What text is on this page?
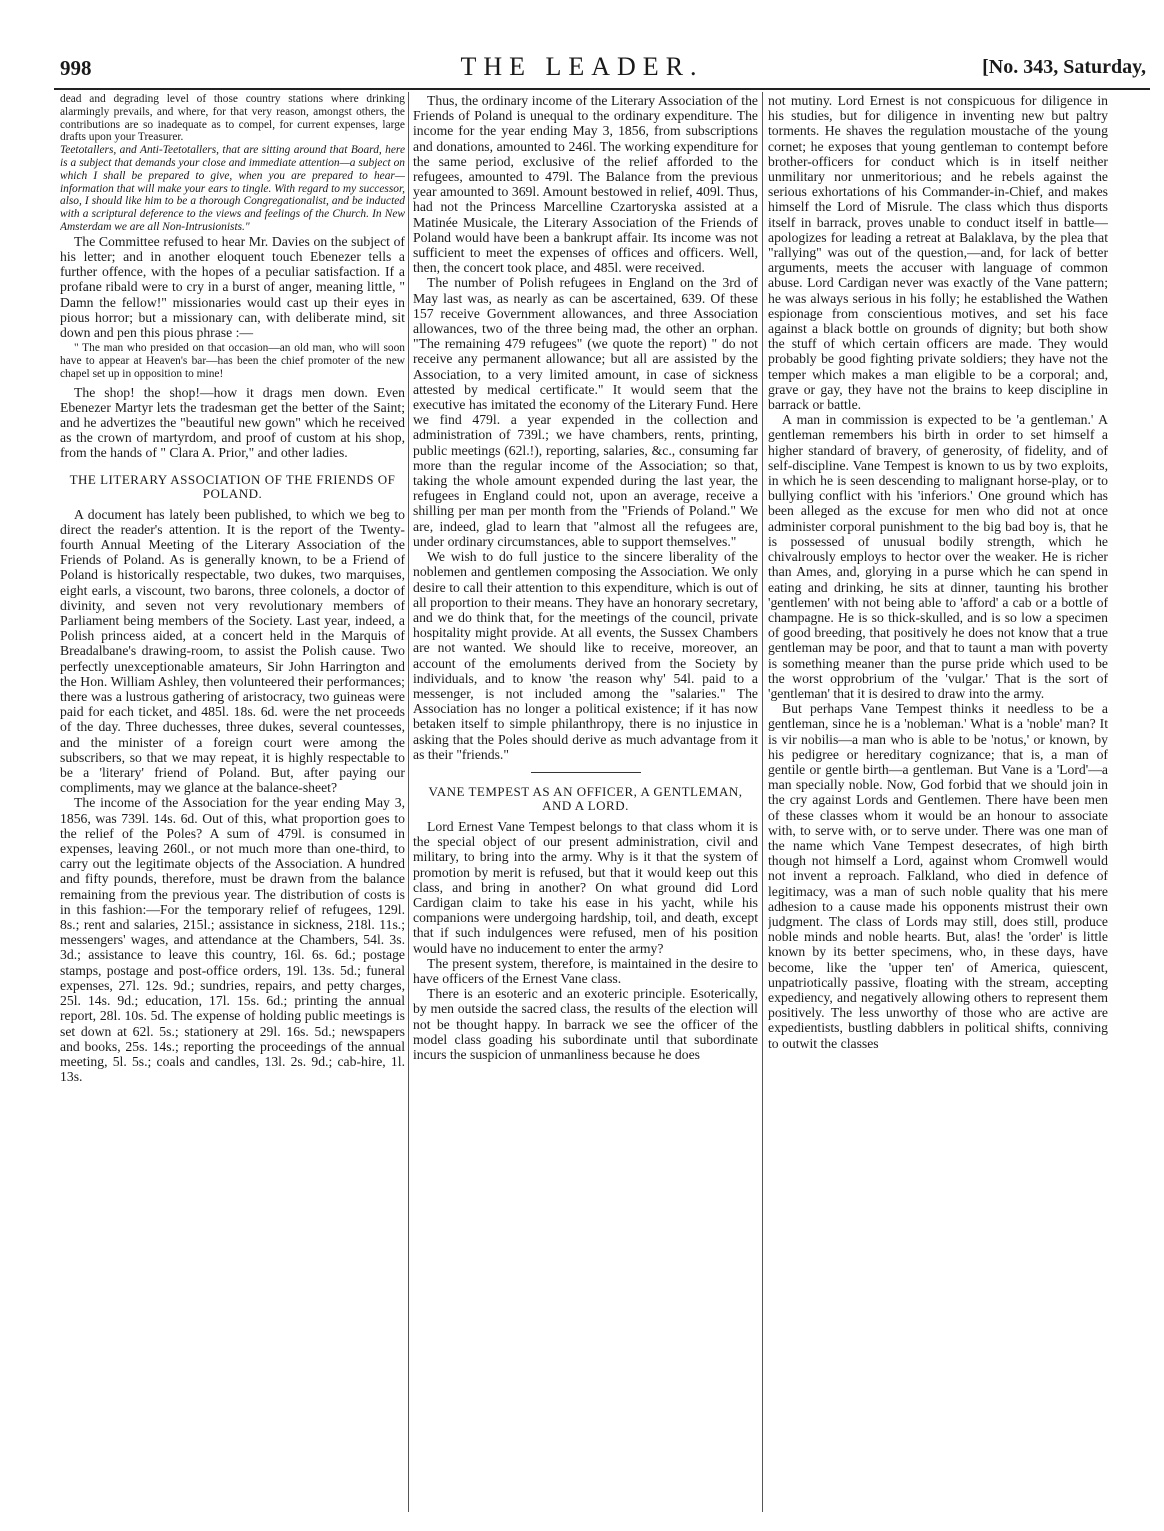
998	THE LEADER.	[No. 343, Saturday,

dead and degrading level of those country stations where drinking alarmingly prevails, and where, for that very reason, amongst others, the contributions are so inadequate as to compel, for current expenses, large drafts upon your Treasurer.

Teetotallers, and Anti-Teetotallers, that are sitting around that Board, here is a subject that demands your close and immediate attention—a subject on which I shall be prepared to give, when you are prepared to hear—information that will make your ears to tingle. With regard to my successor, also, I should like him to be a thorough Congregationalist, and be inducted with a scriptural deference to the views and feelings of the Church. In New Amsterdam we are all Non-Intrusionists."

The Committee refused to hear Mr. Davies on the subject of his letter; and in another eloquent touch Ebenezer tells a further offence, with the hopes of a peculiar satisfaction. If a profane ribald were to cry in a burst of anger, meaning little, " Damn the fellow!" missionaries would cast up their eyes in pious horror; but a missionary can, with deliberate mind, sit down and pen this pious phrase :—

" The man who presided on that occasion—an old man, who will soon have to appear at Heaven's bar—has been the chief promoter of the new chapel set up in opposition to mine!

The shop! the shop!—how it drags men down. Even Ebenezer Martyr lets the tradesman get the better of the Saint; and he advertizes the "beautiful new gown" which he received as the crown of martyrdom, and proof of custom at his shop, from the hands of " Clara A. Prior," and other ladies.

THE LITERARY ASSOCIATION OF THE FRIENDS OF POLAND.

A document has lately been published, to which we beg to direct the reader's attention. It is the report of the Twenty-fourth Annual Meeting of the Literary Association of the Friends of Poland. As is generally known, to be a Friend of Poland is historically respectable, two dukes, two marquises, eight earls, a viscount, two barons, three colonels, a doctor of divinity, and seven not very revolutionary members of Parliament being members of the Society. Last year, indeed, a Polish princess aided, at a concert held in the Marquis of Breadalbane's drawing-room, to assist the Polish cause. Two perfectly unexceptionable amateurs, Sir John Harrington and the Hon. William Ashley, then volunteered their performances; there was a lustrous gathering of aristocracy, two guineas were paid for each ticket, and 485l. 18s. 6d. were the net proceeds of the day. Three duchesses, three dukes, several countesses, and the minister of a foreign court were among the subscribers, so that we may repeat, it is highly respectable to be a 'literary' friend of Poland. But, after paying our compliments, may we glance at the balance-sheet?

The income of the Association for the year ending May 3, 1856, was 739l. 14s. 6d. Out of this, what proportion goes to the relief of the Poles? A sum of 479l. is consumed in expenses, leaving 260l., or not much more than one-third, to carry out the legitimate objects of the Association. A hundred and fifty pounds, therefore, must be drawn from the balance remaining from the previous year. The distribution of costs is in this fashion:—For the temporary relief of refugees, 129l. 8s.; rent and salaries, 215l.; assistance in sickness, 218l. 11s.; messengers' wages, and attendance at the Chambers, 54l. 3s. 3d.; assistance to leave this country, 16l. 6s. 6d.; postage stamps, postage and post-office orders, 19l. 13s. 5d.; funeral expenses, 27l. 12s. 9d.; sundries, repairs, and petty charges, 25l. 14s. 9d.; education, 17l. 15s. 6d.; printing the annual report, 28l. 10s. 5d. The expense of holding public meetings is set down at 62l. 5s.; stationery at 29l. 16s. 5d.; newspapers and books, 25s. 14s.; reporting the proceedings of the annual meeting, 5l. 5s.; coals and candles, 13l. 2s. 9d.; cab-hire, 1l. 13s.

Thus, the ordinary income of the Literary Association of the Friends of Poland is unequal to the ordinary expenditure. The income for the year ending May 3, 1856, from subscriptions and donations, amounted to 246l. The working expenditure for the same period, exclusive of the relief afforded to the refugees, amounted to 479l. The Balance from the previous year amounted to 369l. Amount bestowed in relief, 409l. Thus, had not the Princess Marcelline Czartoryska assisted at a Matinée Musicale, the Literary Association of the Friends of Poland would have been a bankrupt affair. Its income was not sufficient to meet the expenses of offices and officers. Well, then, the concert took place, and 485l. were received.

The number of Polish refugees in England on the 3rd of May last was, as nearly as can be ascertained, 639. Of these 157 receive Government allowances, and three Association allowances, two of the three being mad, the other an orphan. "The remaining 479 refugees" (we quote the report) " do not receive any permanent allowance; but all are assisted by the Association, to a very limited amount, in case of sickness attested by medical certificate." It would seem that the executive has imitated the economy of the Literary Fund. Here we find 479l. a year expended in the collection and administration of 739l.; we have chambers, rents, printing, public meetings (62l.!), reporting, salaries, &c., consuming far more than the regular income of the Association; so that, taking the whole amount expended during the last year, the refugees in England could not, upon an average, receive a shilling per man per month from the "Friends of Poland." We are, indeed, glad to learn that "almost all the refugees are, under ordinary circumstances, able to support themselves."

We wish to do full justice to the sincere liberality of the noblemen and gentlemen composing the Association. We only desire to call their attention to this expenditure, which is out of all proportion to their means. They have an honorary secretary, and we do think that, for the meetings of the council, private hospitality might provide. At all events, the Sussex Chambers are not wanted. We should like to receive, moreover, an account of the emoluments derived from the Society by individuals, and to know 'the reason why' 54l. paid to a messenger, is not included among the "salaries." The Association has no longer a political existence; if it has now betaken itself to simple philanthropy, there is no injustice in asking that the Poles should derive as much advantage from it as their "friends."

VANE TEMPEST AS AN OFFICER, A GENTLEMAN, AND A LORD.

Lord Ernest Vane Tempest belongs to that class whom it is the special object of our present administration, civil and military, to bring into the army. Why is it that the system of promotion by merit is refused, but that it would keep out this class, and bring in another? On what ground did Lord Cardigan claim to take his ease in his yacht, while his companions were undergoing hardship, toil, and death, except that if such indulgences were refused, men of his position would have no inducement to enter the army?

The present system, therefore, is maintained in the desire to have officers of the Ernest Vane class.

There is an esoteric and an exoteric principle. Esoterically, by men outside the sacred class, the results of the election will not be thought happy. In barrack we see the officer of the model class goading his subordinate until that subordinate incurs the suspicion of unmanliness because he does

not mutiny. Lord Ernest is not conspicuous for diligence in his studies, but for diligence in inventing new but paltry torments. He shaves the regulation moustache of the young cornet; he exposes that young gentleman to contempt before brother-officers for conduct which is in itself neither unmilitary nor unmeritorious; and he rebels against the serious exhortations of his Commander-in-Chief, and makes himself the Lord of Misrule. The class which thus disports itself in barrack, proves unable to conduct itself in battle—apologizes for leading a retreat at Balaklava, by the plea that "rallying" was out of the question,—and, for lack of better arguments, meets the accuser with language of common abuse. Lord Cardigan never was exactly of the Vane pattern; he was always serious in his folly; he established the Wathen espionage from conscientious motives, and set his face against a black bottle on grounds of dignity; but both show the stuff of which certain officers are made. They would probably be good fighting private soldiers; they have not the temper which makes a man eligible to be a corporal; and, grave or gay, they have not the brains to keep discipline in barrack or battle.

A man in commission is expected to be 'a gentleman.' A gentleman remembers his birth in order to set himself a higher standard of bravery, of generosity, of fidelity, and of self-discipline. Vane Tempest is known to us by two exploits, in which he is seen descending to malignant horse-play, or to bullying conflict with his 'inferiors.' One ground which has been alleged as the excuse for men who did not at once administer corporal punishment to the big bad boy is, that he is possessed of unusual bodily strength, which he chivalrously employs to hector over the weaker. He is richer than Ames, and, glorying in a purse which he can spend in eating and drinking, he sits at dinner, taunting his brother 'gentlemen' with not being able to 'afford' a cab or a bottle of champagne. He is so thick-skulled, and is so low a specimen of good breeding, that positively he does not know that a true gentleman may be poor, and that to taunt a man with poverty is something meaner than the purse pride which used to be the worst opprobrium of the 'vulgar.' That is the sort of 'gentleman' that it is desired to draw into the army.

But perhaps Vane Tempest thinks it needless to be a gentleman, since he is a 'nobleman.' What is a 'noble' man? It is vir nobilis—a man who is able to be 'notus,' or known, by his pedigree or hereditary cognizance; that is, a man of gentile or gentle birth—a gentleman. But Vane is a 'Lord'—a man specially noble. Now, God forbid that we should join in the cry against Lords and Gentlemen. There have been men of these classes whom it would be an honour to associate with, to serve with, or to serve under. There was one man of the name which Vane Tempest desecrates, of high birth though not himself a Lord, against whom Cromwell would not invent a reproach. Falkland, who died in defence of legitimacy, was a man of such noble quality that his mere adhesion to a cause made his opponents mistrust their own judgment. The class of Lords may still, does still, produce noble minds and noble hearts. But, alas! the 'order' is little known by its better specimens, who, in these days, have become, like the 'upper ten' of America, quiescent, unpatriotically passive, floating with the stream, accepting expediency, and negatively allowing others to represent them positively. The less unworthy of those who are active are expedientists, bustling dabblers in political shifts, conniving to outwit the classes
